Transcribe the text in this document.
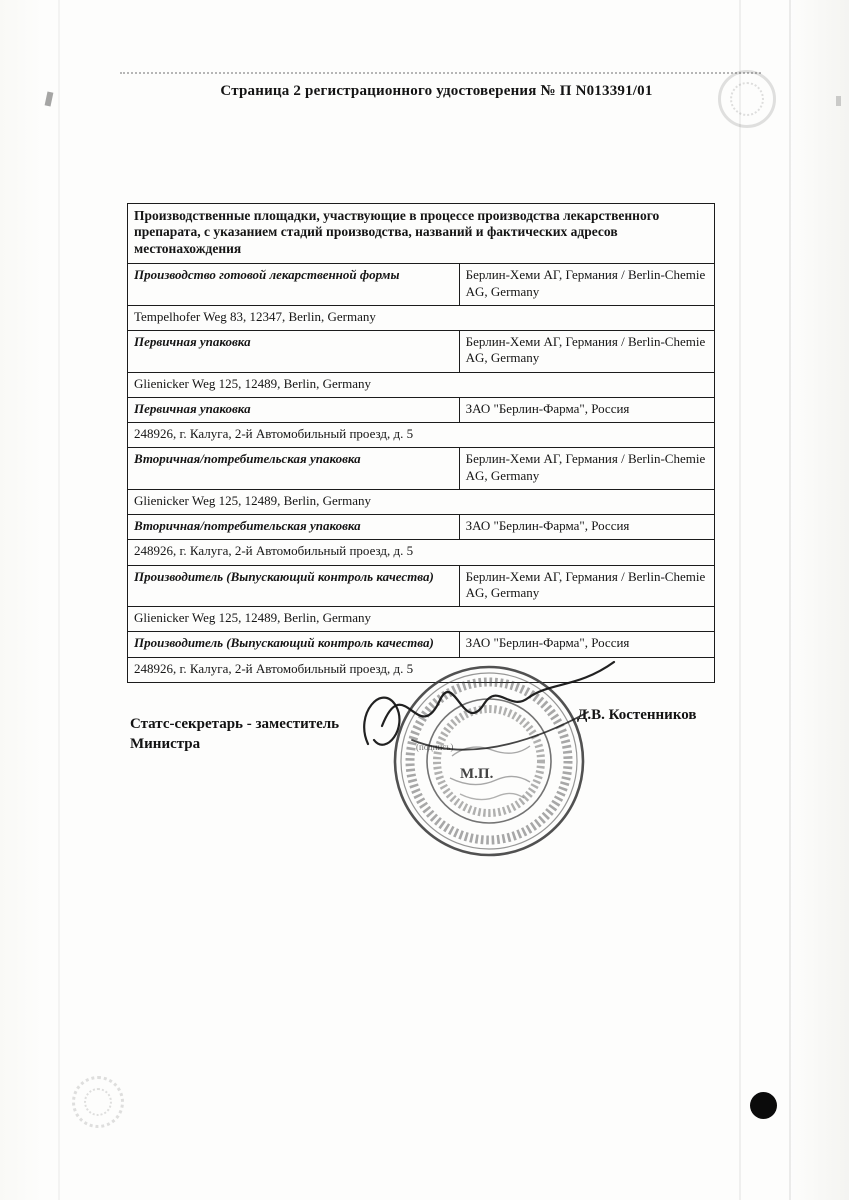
Страница 2 регистрационного удостоверения № П N013391/01
Производственные площадки, участвующие в процессе производства лекарственного препарата, с указанием стадий производства, названий и фактических адресов местонахождения	
Производство готовой лекарственной формы	Берлин-Хеми АГ, Германия / Berlin-Chemie AG, Germany
Tempelhofer Weg 83, 12347, Berlin, Germany	
Первичная упаковка	Берлин-Хеми АГ, Германия / Berlin-Chemie AG, Germany
Glienicker Weg 125, 12489, Berlin, Germany	
Первичная упаковка	ЗАО "Берлин-Фарма", Россия
248926, г. Калуга, 2-й Автомобильный проезд, д. 5	
Вторичная/потребительская упаковка	Берлин-Хеми АГ, Германия / Berlin-Chemie AG, Germany
Glienicker Weg 125, 12489, Berlin, Germany	
Вторичная/потребительская упаковка	ЗАО "Берлин-Фарма", Россия
248926, г. Калуга, 2-й Автомобильный проезд, д. 5	
Производитель (Выпускающий контроль качества)	Берлин-Хеми АГ, Германия / Berlin-Chemie AG, Germany
Glienicker Weg 125, 12489, Berlin, Germany	
Производитель (Выпускающий контроль качества)	ЗАО "Берлин-Фарма", Россия
248926, г. Калуга, 2-й Автомобильный проезд, д. 5	
Статс-секретарь - заместитель Министра
Д.В. Костенников
М.П.
(подпись)
